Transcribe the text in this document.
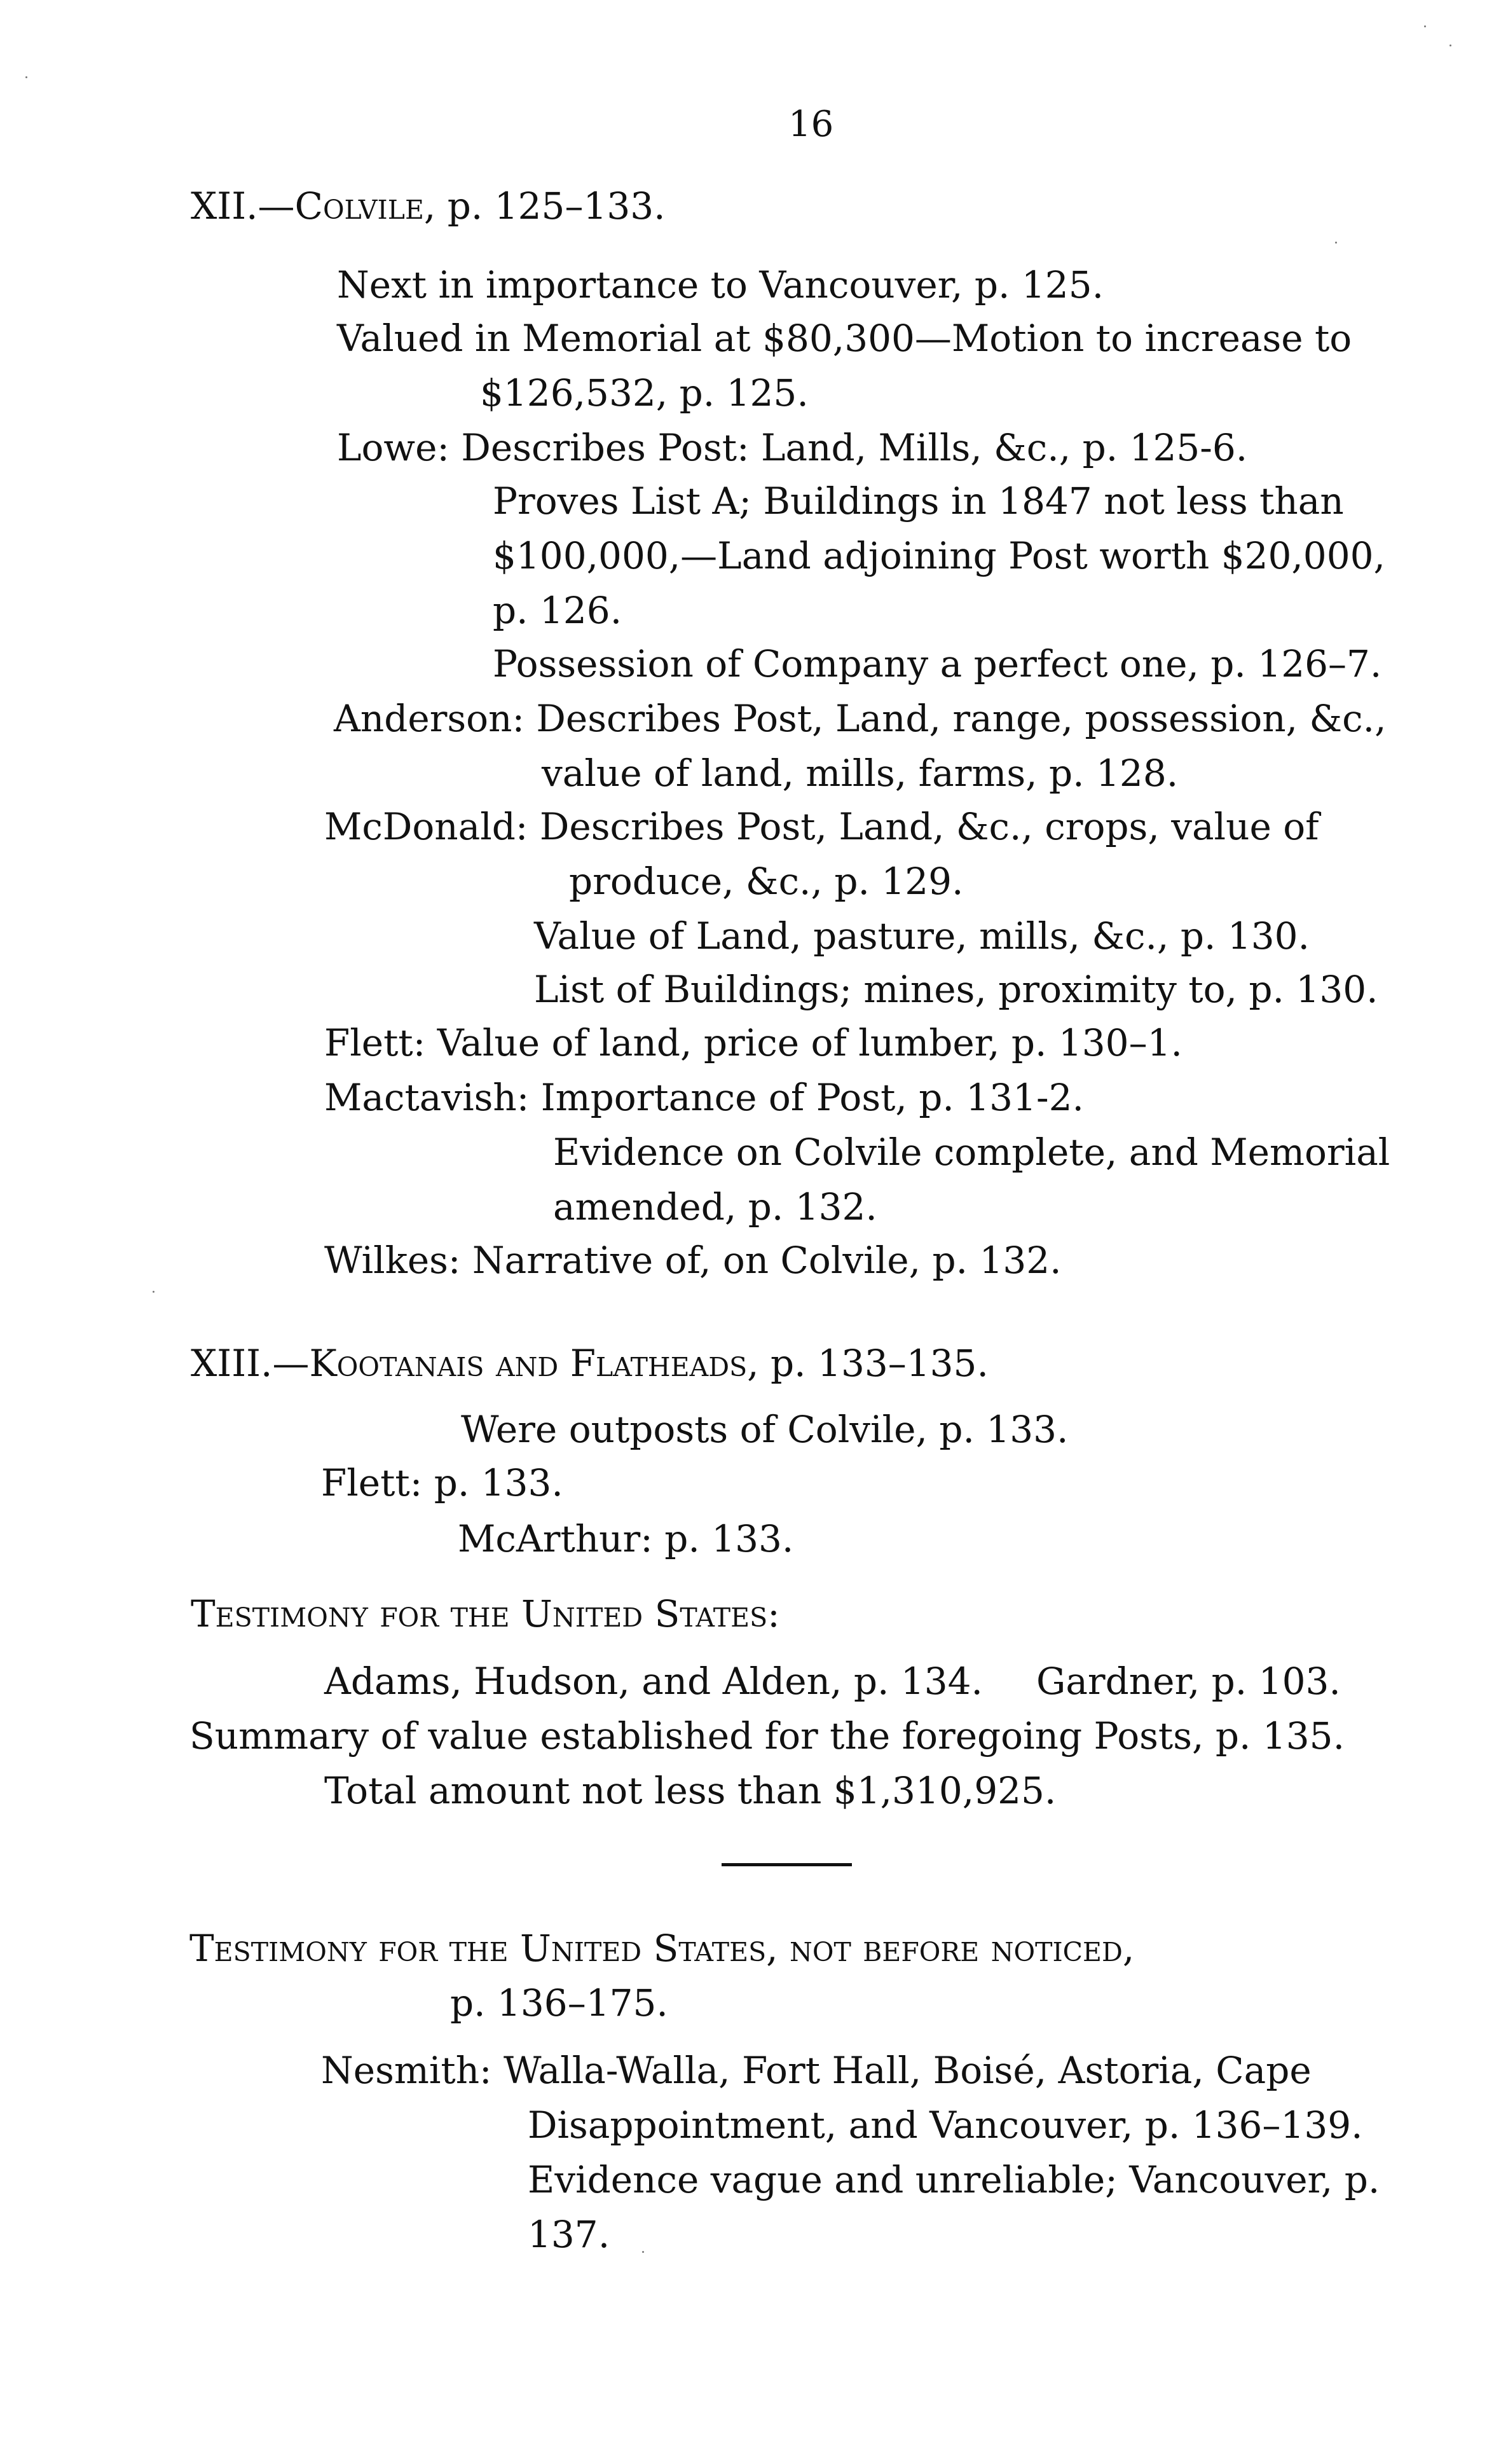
16
XII.—Colvile, p. 125–133.
Next in importance to Vancouver, p. 125.
Valued in Memorial at $80,300—Motion to increase to
$126,532, p. 125.
Lowe: Describes Post: Land, Mills, &c., p. 125-6.
Proves List A; Buildings in 1847 not less than
$100,000,—Land adjoining Post worth $20,000,
p. 126.
Possession of Company a perfect one, p. 126–7.
Anderson: Describes Post, Land, range, possession, &c.,
value of land, mills, farms, p. 128.
McDonald: Describes Post, Land, &c., crops, value of
produce, &c., p. 129.
Value of Land, pasture, mills, &c., p. 130.
List of Buildings; mines, proximity to, p. 130.
Flett: Value of land, price of lumber, p. 130–1.
Mactavish: Importance of Post, p. 131-2.
Evidence on Colvile complete, and Memorial
amended, p. 132.
Wilkes: Narrative of, on Colvile, p. 132.
XIII.—Kootanais and Flatheads, p. 133–135.
Were outposts of Colvile, p. 133.
Flett: p. 133.
McArthur: p. 133.
Testimony for the United States:
Adams, Hudson, and Alden, p. 134. Gardner, p. 103.
Summary of value established for the foregoing Posts, p. 135.
Total amount not less than $1,310,925.
Testimony for the United States, not before noticed,
p. 136–175.
Nesmith: Walla-Walla, Fort Hall, Boisé, Astoria, Cape
Disappointment, and Vancouver, p. 136–139.
Evidence vague and unreliable; Vancouver, p.
137.
